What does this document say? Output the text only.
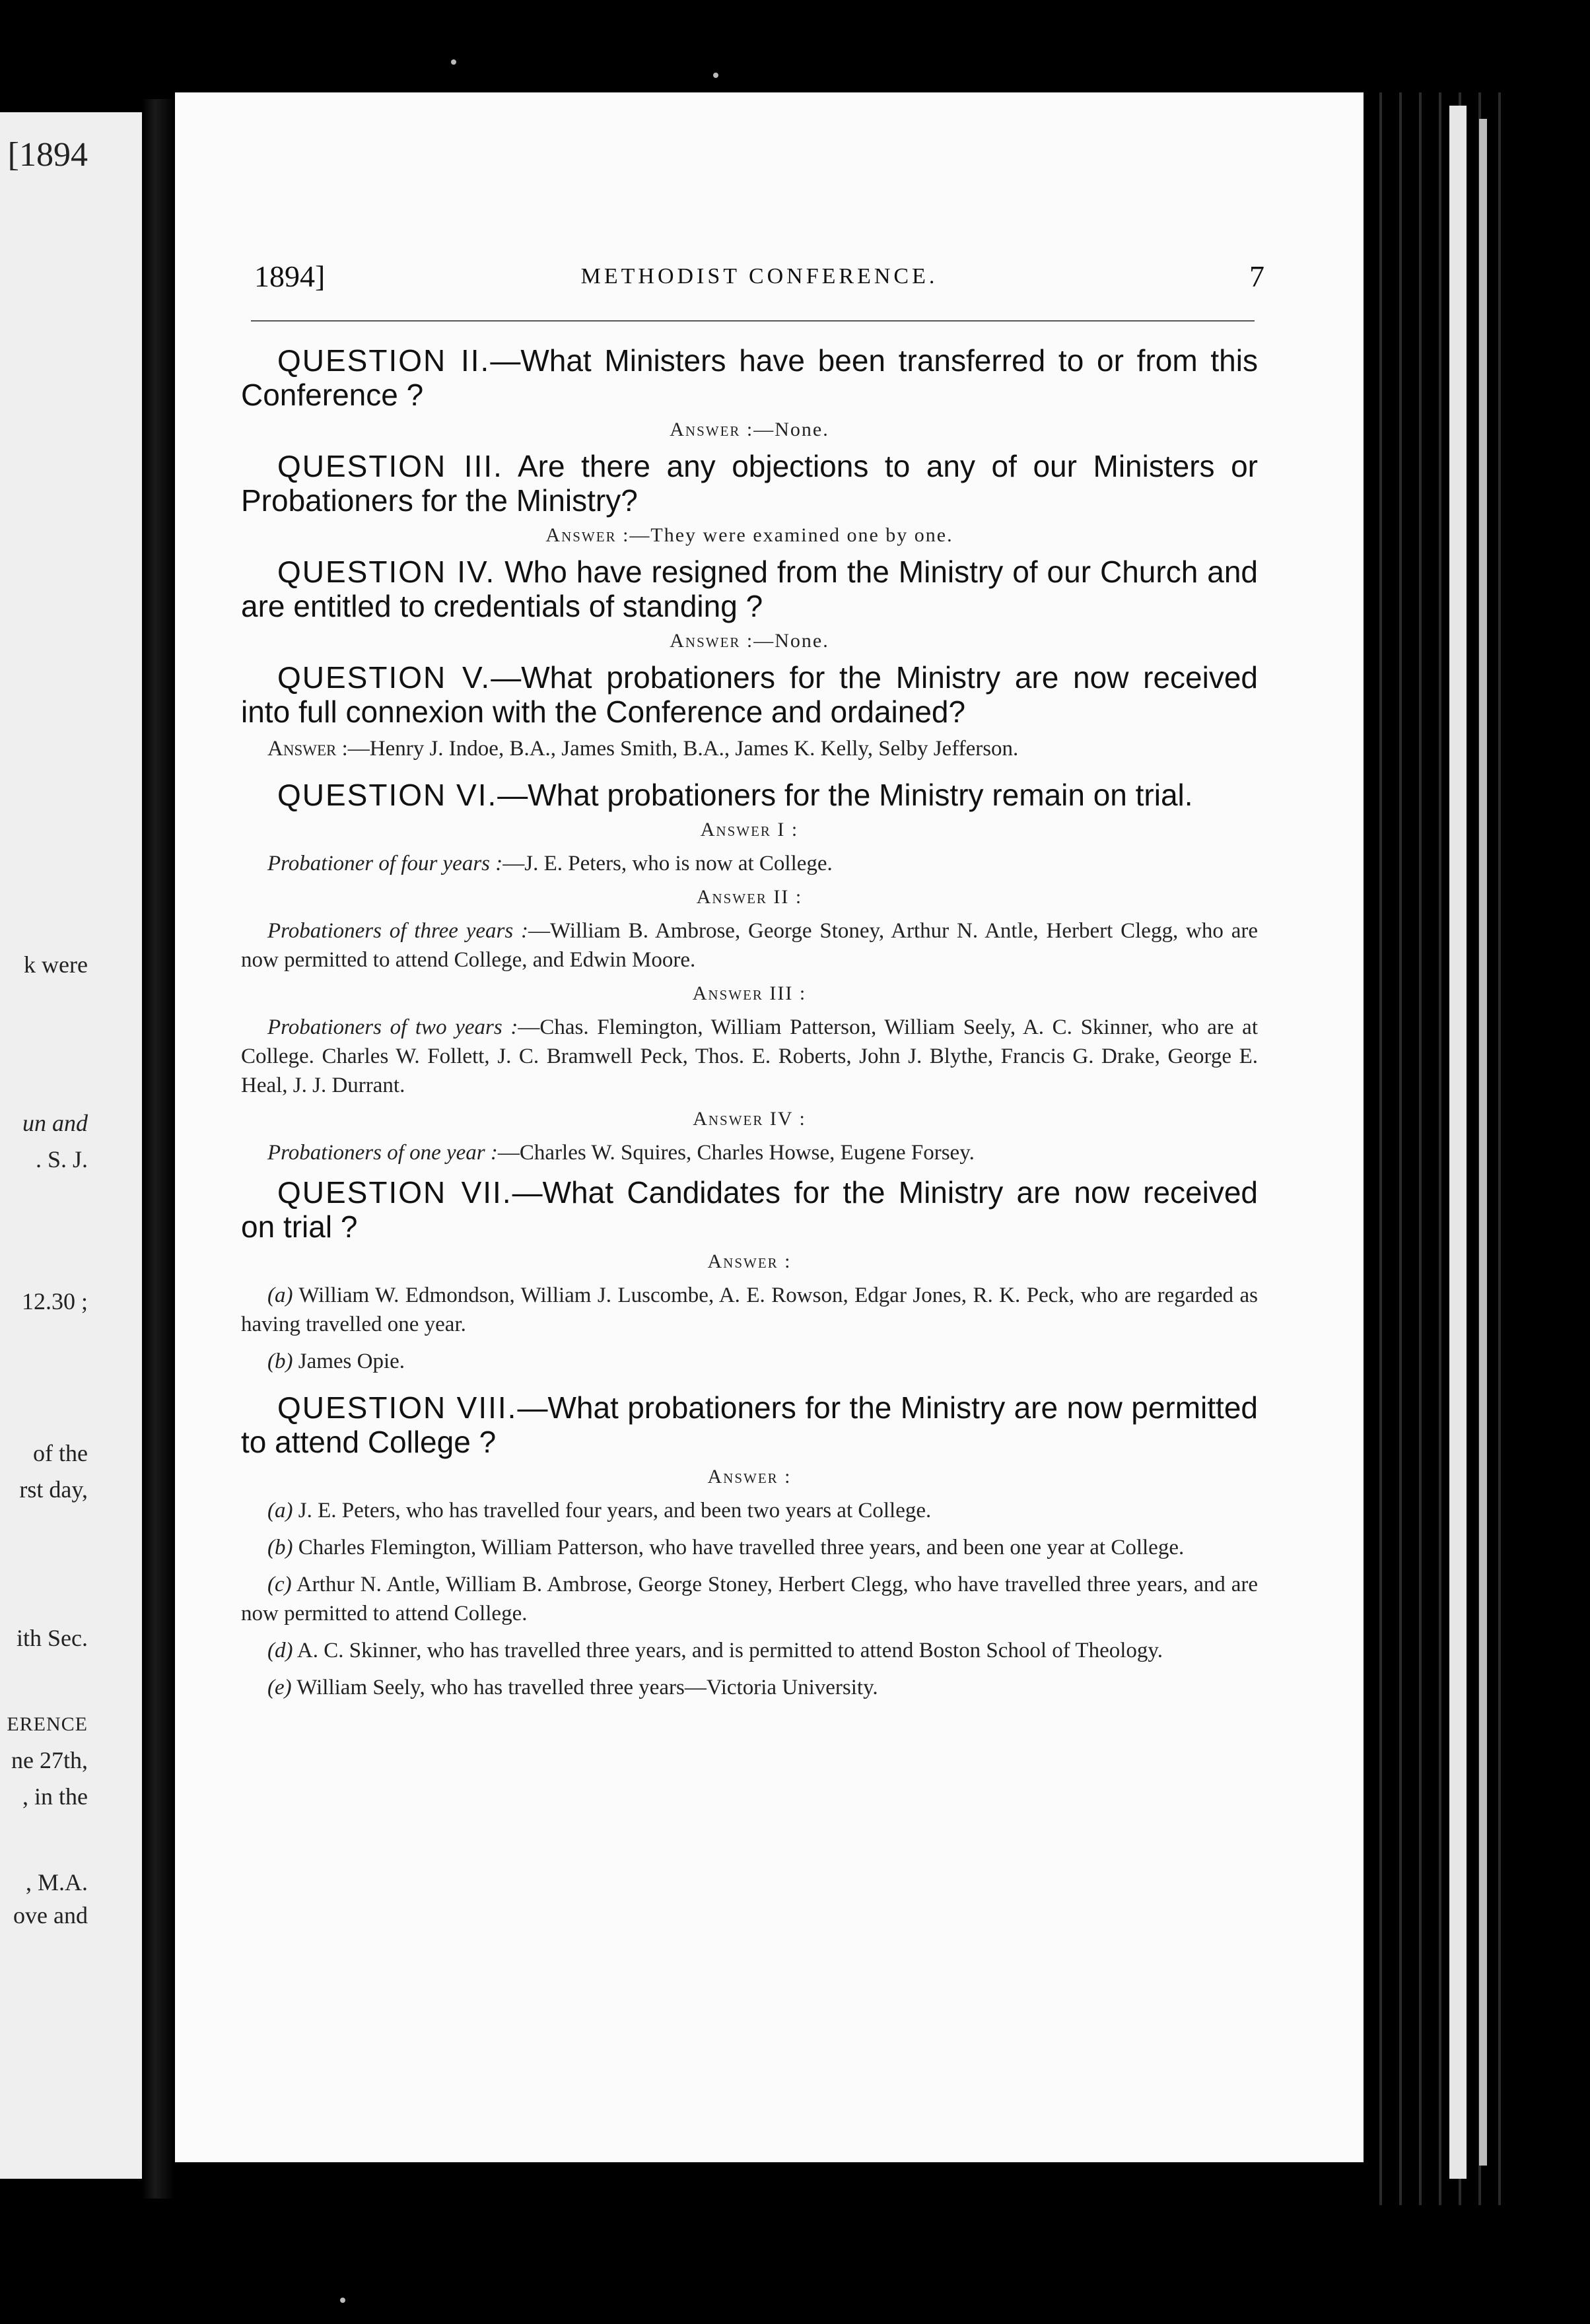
[1894
k were
un and
. S. J.
12.30 ;
of the
rst day,
ith Sec.
ERENCE
ne 27th,
, in the
, M.A.
ove and
1894]	METHODIST CONFERENCE.	7

QUESTION II.—What Ministers have been transferred to or from this Conference ?

Answer :—None.

QUESTION III. Are there any objections to any of our Ministers or Probationers for the Ministry?

Answer :—They were examined one by one.

QUESTION IV. Who have resigned from the Ministry of our Church and are entitled to credentials of standing ?

Answer :—None.

QUESTION V.—What probationers for the Ministry are now received into full connexion with the Conference and ordained?

Answer :—Henry J. Indoe, B.A., James Smith, B.A., James K. Kelly, Selby Jefferson.

QUESTION VI.—What probationers for the Ministry remain on trial.

Answer I :

Probationer of four years :—J. E. Peters, who is now at College.

Answer II :

Probationers of three years :—William B. Ambrose, George Stoney, Arthur N. Antle, Herbert Clegg, who are now permitted to attend College, and Edwin Moore.

Answer III :

Probationers of two years :—Chas. Flemington, William Patterson, William Seely, A. C. Skinner, who are at College. Charles W. Follett, J. C. Bramwell Peck, Thos. E. Roberts, John J. Blythe, Francis G. Drake, George E. Heal, J. J. Durrant.

Answer IV :

Probationers of one year :—Charles W. Squires, Charles Howse, Eugene Forsey.

QUESTION VII.—What Candidates for the Ministry are now received on trial ?

Answer :

(a) William W. Edmondson, William J. Luscombe, A. E. Rowson, Edgar Jones, R. K. Peck, who are regarded as having travelled one year.

(b) James Opie.

QUESTION VIII.—What probationers for the Ministry are now permitted to attend College ?

Answer :

(a) J. E. Peters, who has travelled four years, and been two years at College.

(b) Charles Flemington, William Patterson, who have travelled three years, and been one year at College.

(c) Arthur N. Antle, William B. Ambrose, George Stoney, Herbert Clegg, who have travelled three years, and are now permitted to attend College.

(d) A. C. Skinner, who has travelled three years, and is permitted to attend Boston School of Theology.

(e) William Seely, who has travelled three years—Victoria University.
